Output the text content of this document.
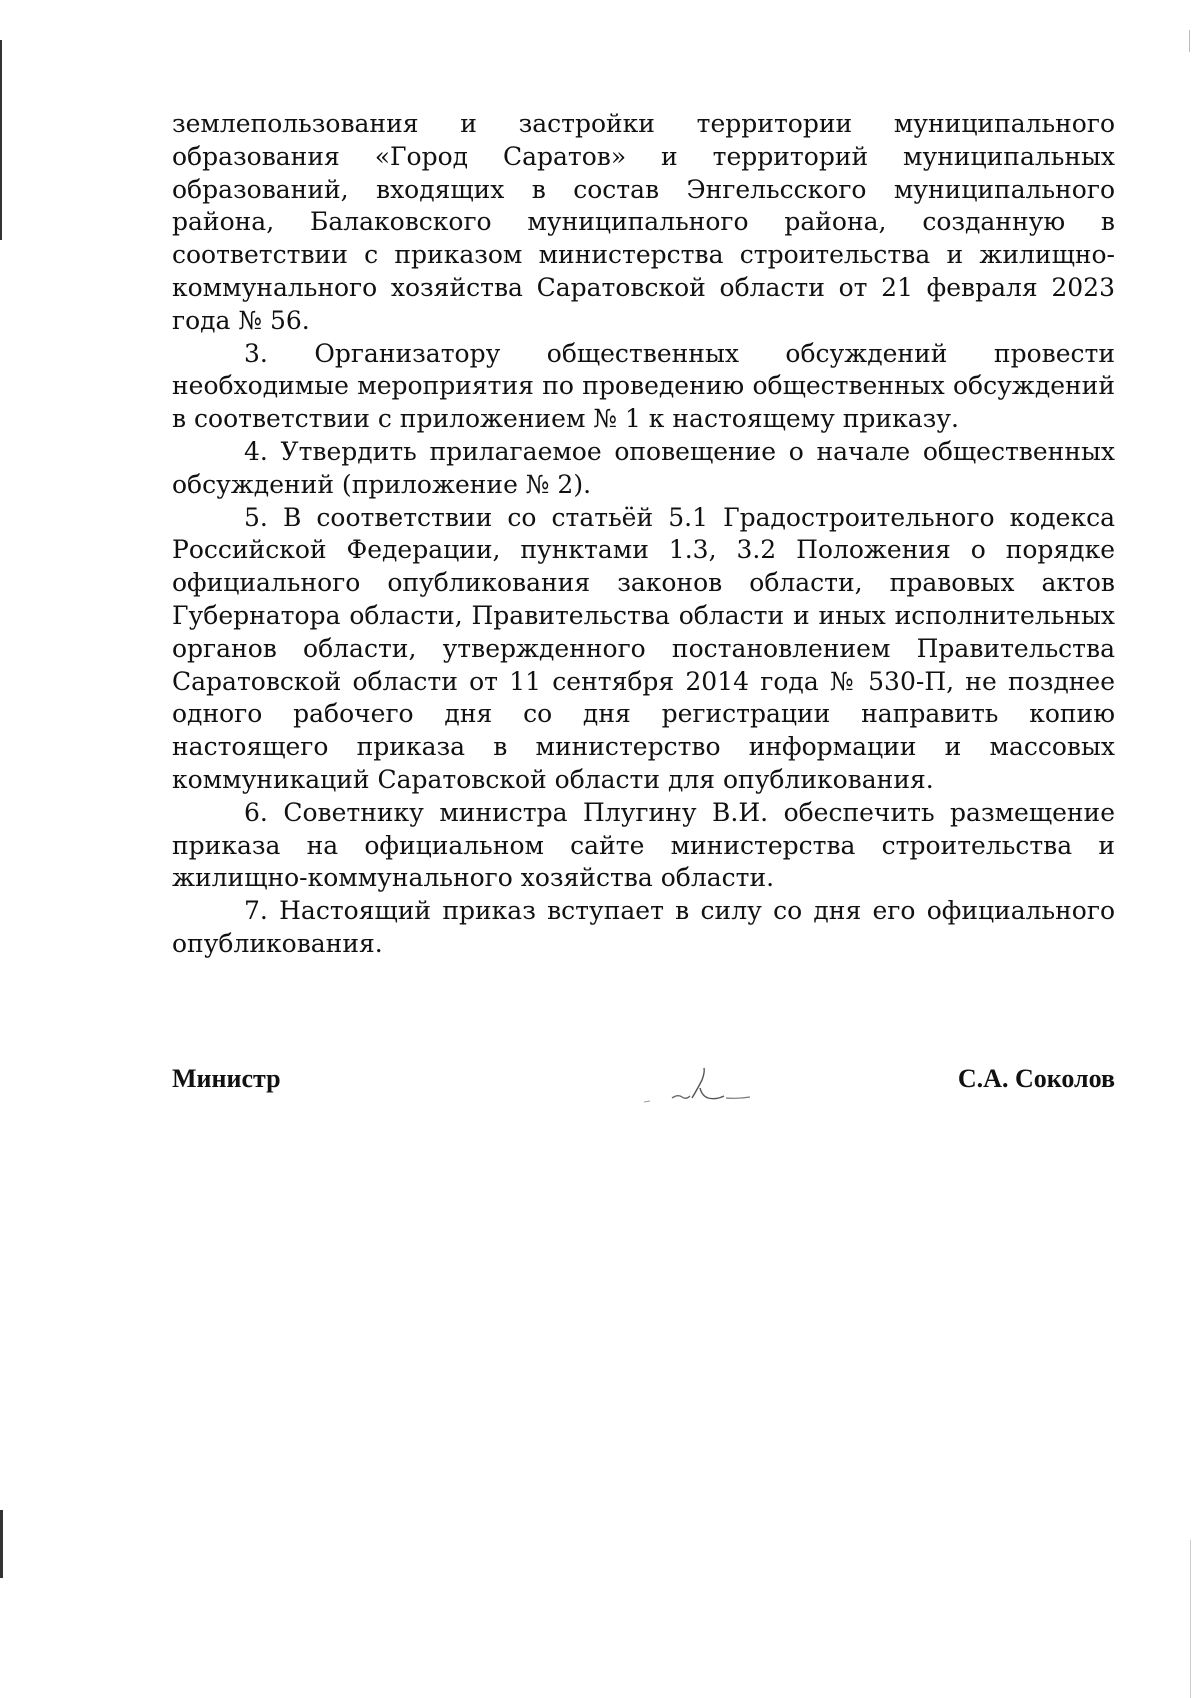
землепользования и застройки территории муниципального образования «Город Саратов» и территорий муниципальных образований, входящих в состав Энгельсского муниципального района, Балаковского муниципального района, созданную в соответствии с приказом министерства строительства и жилищно-коммунального хозяйства Саратовской области от 21 февраля 2023 года № 56.

3. Организатору общественных обсуждений провести необходимые мероприятия по проведению общественных обсуждений в соответствии с приложением № 1 к настоящему приказу.

4. Утвердить прилагаемое оповещение о начале общественных обсуждений (приложение № 2).

5. В соответствии со статьёй 5.1 Градостроительного кодекса Российской Федерации, пунктами 1.3, 3.2 Положения о порядке официального опубликования законов области, правовых актов Губернатора области, Правительства области и иных исполнительных органов области, утвержденного постановлением Правительства Саратовской области от 11 сентября 2014 года № 530-П, не позднее одного рабочего дня со дня регистрации направить копию настоящего приказа в министерство информации и массовых коммуникаций Саратовской области для опубликования.

6. Советнику министра Плугину В.И. обеспечить размещение приказа на официальном сайте министерства строительства и жилищно-коммунального хозяйства области.

7. Настоящий приказ вступает в силу со дня его официального опубликования.

Министр	С.А. Соколов
